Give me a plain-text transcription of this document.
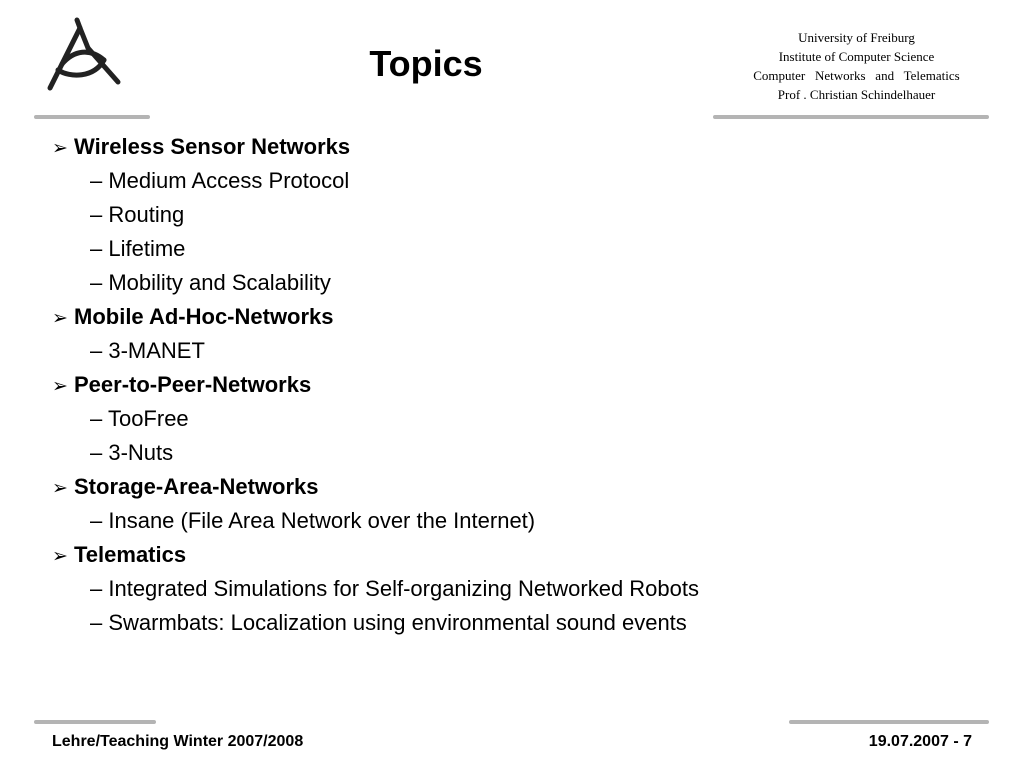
Topics
University of Freiburg
Institute of Computer Science
Computer   Networks   and   Telematics
Prof . Christian Schindelhauer
➢ Wireless Sensor Networks
– Medium Access Protocol
– Routing
– Lifetime
– Mobility and Scalability
➢ Mobile Ad-Hoc-Networks
– 3-MANET
➢ Peer-to-Peer-Networks
– TooFree
– 3-Nuts
➢ Storage-Area-Networks
– Insane (File Area Network over the Internet)
➢ Telematics
– Integrated Simulations for Self-organizing Networked Robots
– Swarmbats: Localization using environmental sound events
Lehre/Teaching Winter 2007/2008	19.07.2007 - 7
